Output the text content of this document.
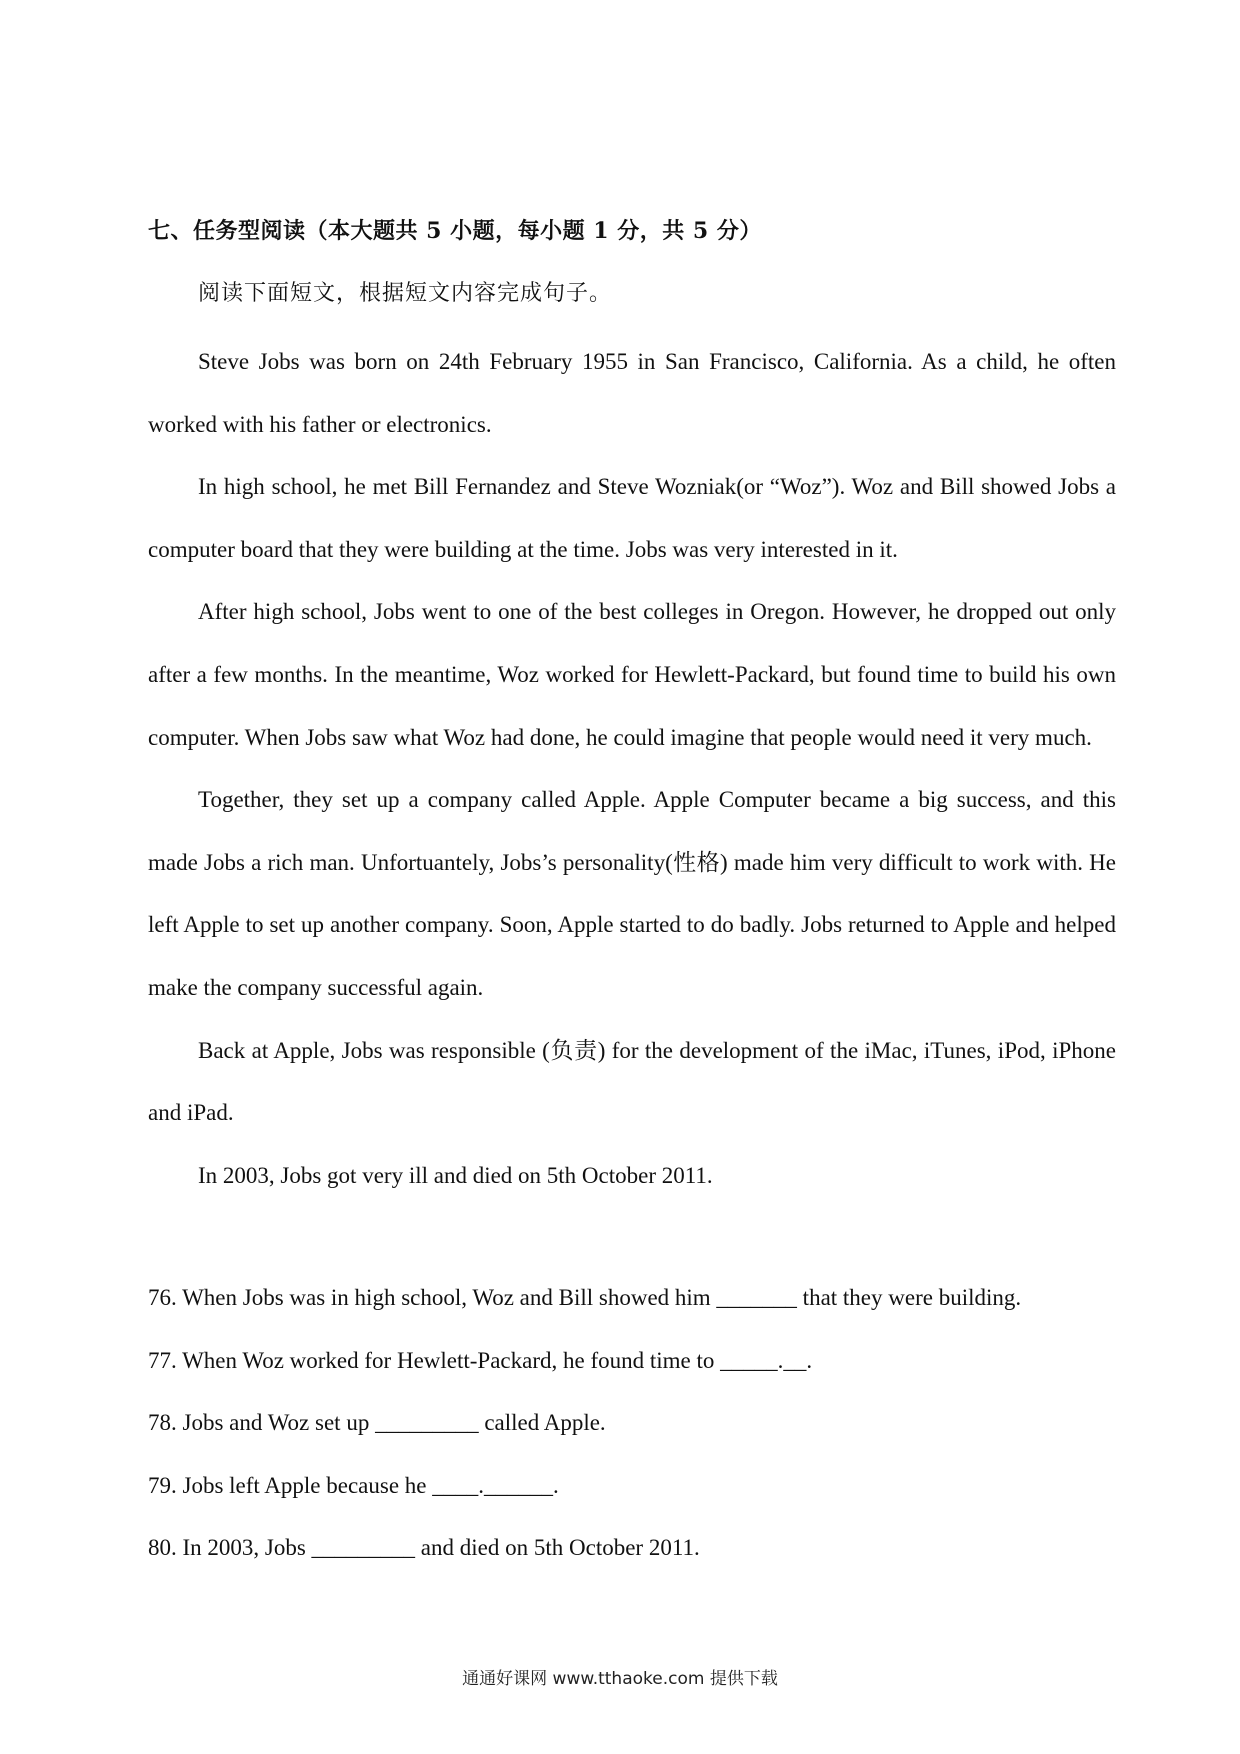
七、任务型阅读（本大题共 5 小题，每小题 1 分，共 5 分）
阅读下面短文，根据短文内容完成句子。

Steve Jobs was born on 24th February 1955 in San Francisco, California. As a child, he often worked with his father or electronics.

In high school, he met Bill Fernandez and Steve Wozniak(or “Woz”). Woz and Bill showed Jobs a computer board that they were building at the time. Jobs was very interested in it.

After high school, Jobs went to one of the best colleges in Oregon. However, he dropped out only after a few months. In the meantime, Woz worked for Hewlett-Packard, but found time to build his own computer. When Jobs saw what Woz had done, he could imagine that people would need it very much.

Together, they set up a company called Apple. Apple Computer became a big success, and this made Jobs a rich man. Unfortuantely, Jobs’s personality(性格) made him very difficult to work with. He left Apple to set up another company. Soon, Apple started to do badly. Jobs returned to Apple and helped make the company successful again.

Back at Apple, Jobs was responsible (负责) for the development of the iMac, iTunes, iPod, iPhone and iPad.

In 2003, Jobs got very ill and died on 5th October 2011.

76. When Jobs was in high school, Woz and Bill showed him _______ that they were building.
77. When Woz worked for Hewlett-Packard, he found time to _____.__.
78. Jobs and Woz set up _________ called Apple.
79. Jobs left Apple because he ____.______.
80. In 2003, Jobs _________ and died on 5th October 2011.
通通好课网 www.tthaoke.com 提供下载
